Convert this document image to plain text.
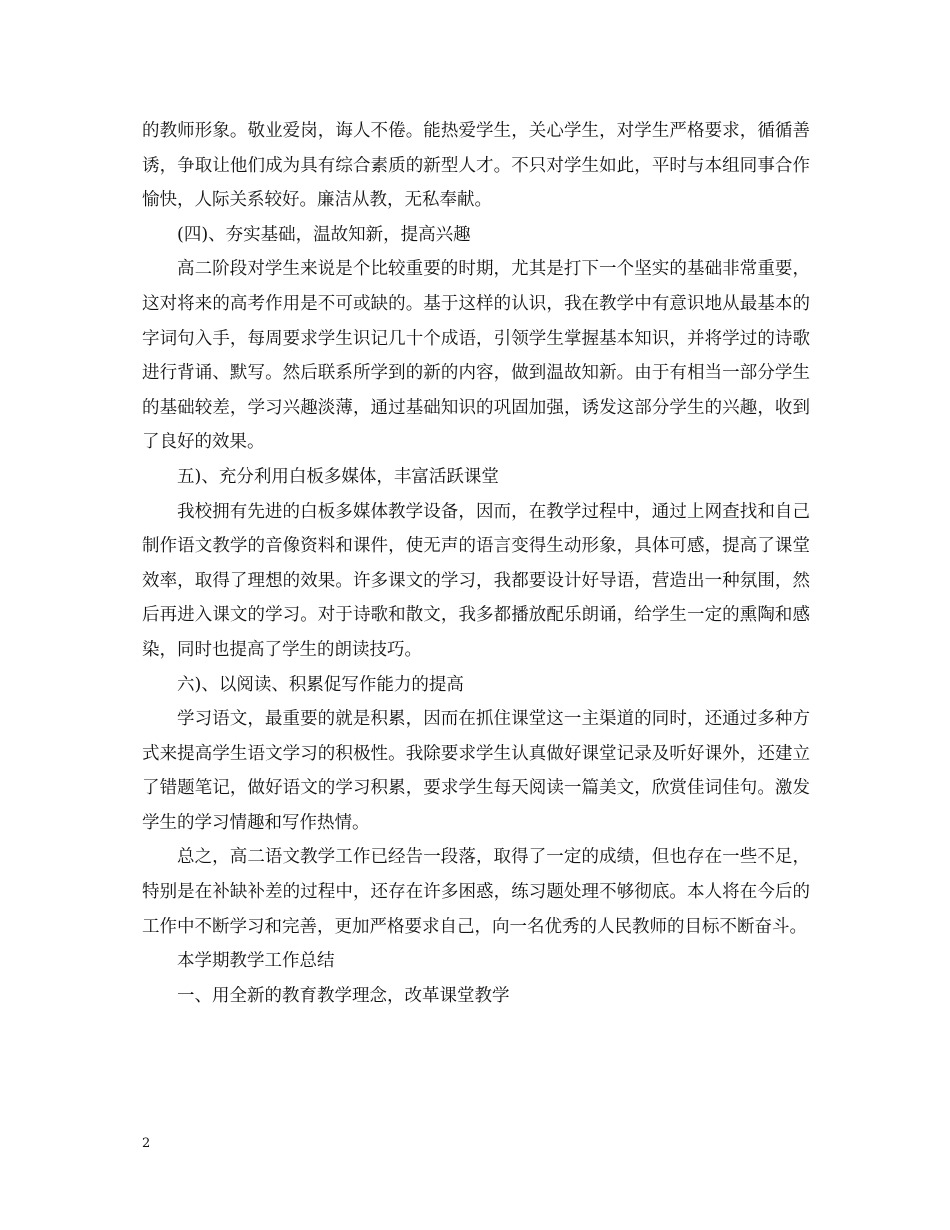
的教师形象。敬业爱岗，诲人不倦。能热爱学生，关心学生，对学生严格要求，循循善诱，争取让他们成为具有综合素质的新型人才。不只对学生如此，平时与本组同事合作愉快，人际关系较好。廉洁从教，无私奉献。

(四)、夯实基础，温故知新，提高兴趣

高二阶段对学生来说是个比较重要的时期，尤其是打下一个坚实的基础非常重要，这对将来的高考作用是不可或缺的。基于这样的认识，我在教学中有意识地从最基本的字词句入手，每周要求学生识记几十个成语，引领学生掌握基本知识，并将学过的诗歌进行背诵、默写。然后联系所学到的新的内容，做到温故知新。由于有相当一部分学生的基础较差，学习兴趣淡薄，通过基础知识的巩固加强，诱发这部分学生的兴趣，收到了良好的效果。

五)、充分利用白板多媒体，丰富活跃课堂

我校拥有先进的白板多媒体教学设备，因而，在教学过程中，通过上网查找和自己制作语文教学的音像资料和课件，使无声的语言变得生动形象，具体可感，提高了课堂效率，取得了理想的效果。许多课文的学习，我都要设计好导语，营造出一种氛围，然后再进入课文的学习。对于诗歌和散文，我多都播放配乐朗诵，给学生一定的熏陶和感染，同时也提高了学生的朗读技巧。

六)、以阅读、积累促写作能力的提高

学习语文，最重要的就是积累，因而在抓住课堂这一主渠道的同时，还通过多种方式来提高学生语文学习的积极性。我除要求学生认真做好课堂记录及听好课外，还建立了错题笔记，做好语文的学习积累，要求学生每天阅读一篇美文，欣赏佳词佳句。激发学生的学习情趣和写作热情。

总之，高二语文教学工作已经告一段落，取得了一定的成绩，但也存在一些不足，特别是在补缺补差的过程中，还存在许多困惑，练习题处理不够彻底。本人将在今后的工作中不断学习和完善，更加严格要求自己，向一名优秀的人民教师的目标不断奋斗。

本学期教学工作总结

一、用全新的教育教学理念，改革课堂教学

2
